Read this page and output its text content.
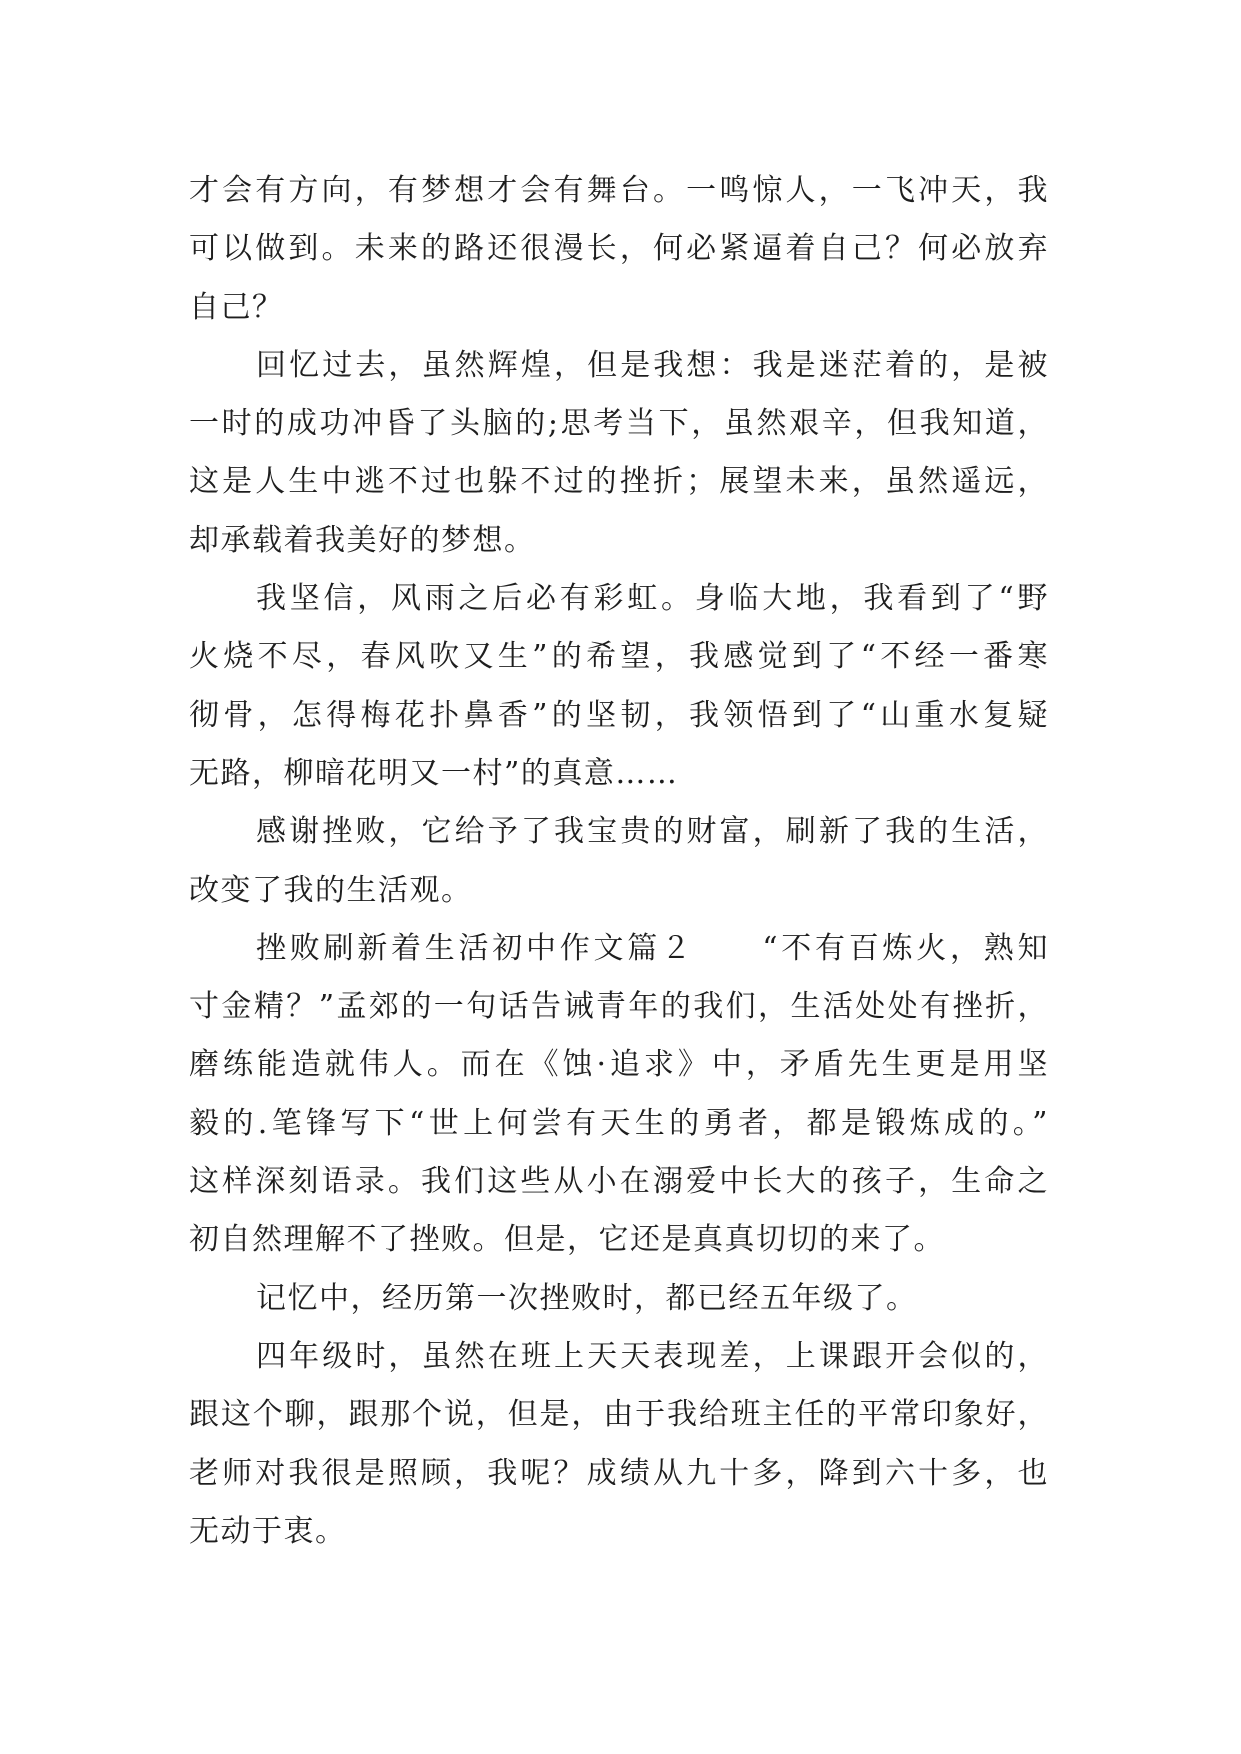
才会有方向，有梦想才会有舞台。一鸣惊人，一飞冲天，我
可以做到。未来的路还很漫长，何必紧逼着自己？何必放弃
自己？
回忆过去，虽然辉煌，但是我想：我是迷茫着的，是被
一时的成功冲昏了头脑的;思考当下，虽然艰辛，但我知道，
这是人生中逃不过也躲不过的挫折；展望未来，虽然遥远，
却承载着我美好的梦想。
我坚信，风雨之后必有彩虹。身临大地，我看到了“野
火烧不尽，春风吹又生”的希望，我感觉到了“不经一番寒
彻骨，怎得梅花扑鼻香”的坚韧，我领悟到了“山重水复疑
无路，柳暗花明又一村”的真意……
感谢挫败，它给予了我宝贵的财富，刷新了我的生活，
改变了我的生活观。
挫败刷新着生活初中作文篇２　　“不有百炼火，熟知
寸金精？”孟郊的一句话告诫青年的我们，生活处处有挫折，
磨练能造就伟人。而在《蚀·追求》中，矛盾先生更是用坚
毅的.笔锋写下“世上何尝有天生的勇者，都是锻炼成的。”
这样深刻语录。我们这些从小在溺爱中长大的孩子，生命之
初自然理解不了挫败。但是，它还是真真切切的来了。
记忆中，经历第一次挫败时，都已经五年级了。
四年级时，虽然在班上天天表现差，上课跟开会似的，
跟这个聊，跟那个说，但是，由于我给班主任的平常印象好，
老师对我很是照顾，我呢？成绩从九十多，降到六十多，也
无动于衷。
